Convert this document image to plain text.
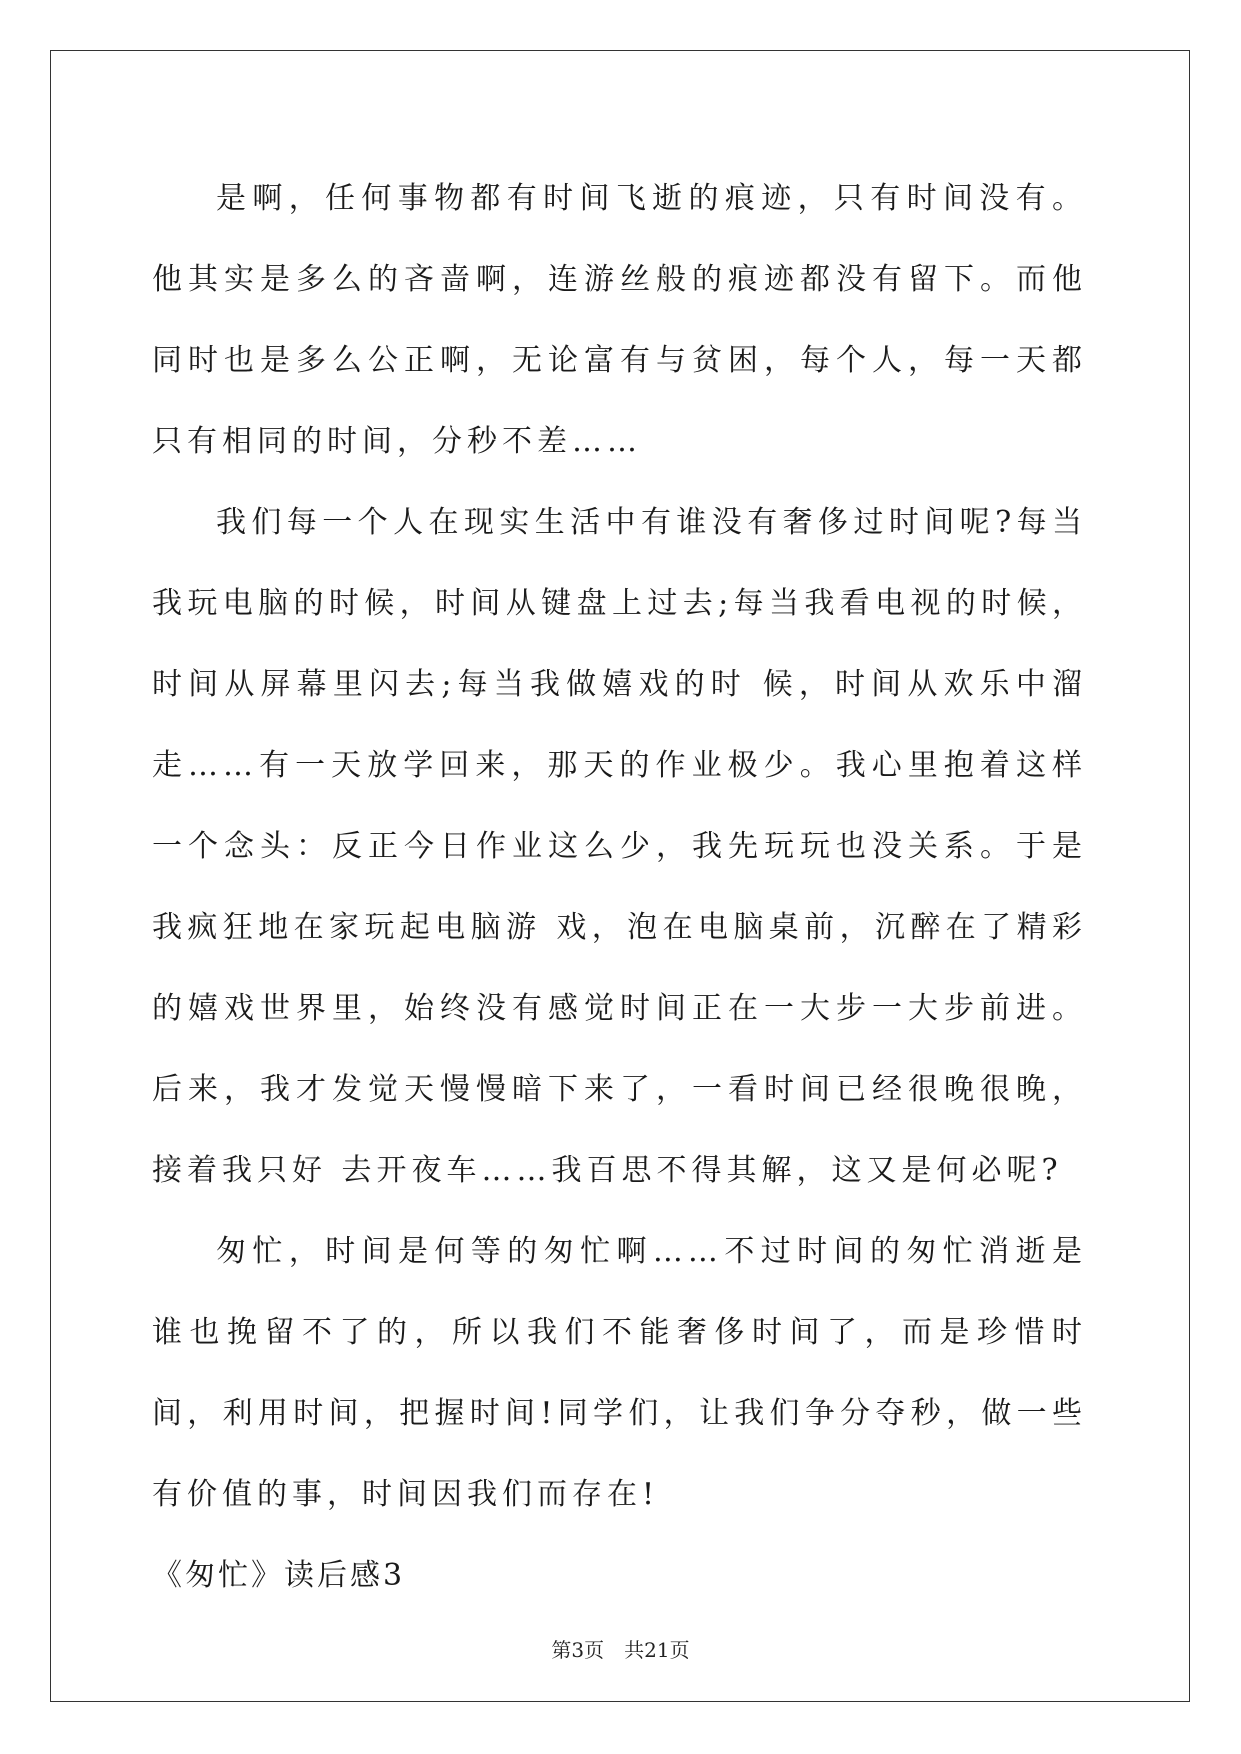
是啊，任何事物都有时间飞逝的痕迹，只有时间没有。他其实是多么的吝啬啊，连游丝般的痕迹都没有留下。而他同时也是多么公正啊，无论富有与贫困，每个人，每一天都只有相同的时间，分秒不差……

我们每一个人在现实生活中有谁没有奢侈过时间呢?每当我玩电脑的时候，时间从键盘上过去;每当我看电视的时候，时间从屏幕里闪去;每当我做嬉戏的时 候，时间从欢乐中溜走……有一天放学回来，那天的作业极少。我心里抱着这样一个念头：反正今日作业这么少，我先玩玩也没关系。于是我疯狂地在家玩起电脑游 戏，泡在电脑桌前，沉醉在了精彩的嬉戏世界里，始终没有感觉时间正在一大步一大步前进。后来，我才发觉天慢慢暗下来了，一看时间已经很晚很晚，接着我只好 去开夜车……我百思不得其解，这又是何必呢?

匆忙，时间是何等的匆忙啊……不过时间的匆忙消逝是谁也挽留不了的，所以我们不能奢侈时间了，而是珍惜时间，利用时间，把握时间!同学们，让我们争分夺秒，做一些有价值的事，时间因我们而存在!

《匆忙》读后感3

第3页 共21页
